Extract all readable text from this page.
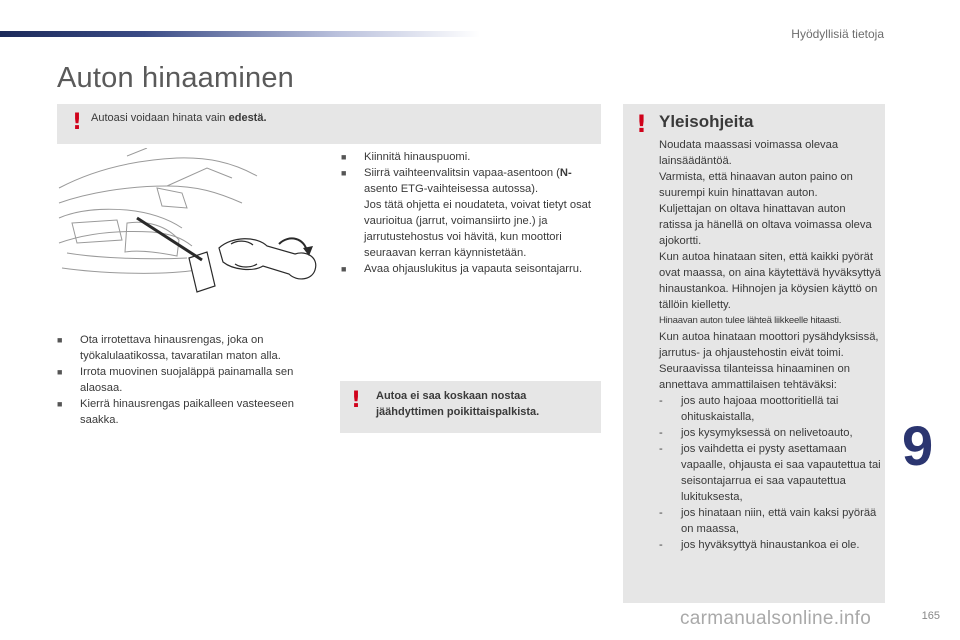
Hyödyllisiä tietoja
Auton hinaaminen
! Autoasi voidaan hinata vain edestä.
■ Kiinnitä hinauspuomi.
■ Siirrä vaihteenvalitsin vapaa-asentoon (N-asento ETG-vaihteisessa autossa).
Jos tätä ohjetta ei noudateta, voivat tietyt osat vaurioitua (jarrut, voimansiirto jne.) ja jarrutustehostus voi hävitä, kun moottori seuraavan kerran käynnistetään.
■ Avaa ohjauslukitus ja vapauta seisontajarru.
■ Ota irrotettava hinausrengas, joka on työkalulaatikossa, tavaratilan maton alla.
■ Irrota muovinen suojaläppä painamalla sen alaosaa.
■ Kierrä hinausrengas paikalleen vasteeseen saakka.
! Autoa ei saa koskaan nostaa jäähdyttimen poikittaispalkista.
! Yleisohjeita

Noudata maassasi voimassa olevaa lainsäädäntöä.

Varmista, että hinaavan auton paino on suurempi kuin hinattavan auton.

Kuljettajan on oltava hinattavan auton ratissa ja hänellä on oltava voimassa oleva ajokortti.

Kun autoa hinataan siten, että kaikki pyörät ovat maassa, on aina käytettävä hyväksyttyä hinaustankoa. Hihnojen ja köysien käyttö on tällöin kielletty.

Hinaavan auton tulee lähteä liikkeelle hitaasti.

Kun autoa hinataan moottori pysähdyksissä, jarrutus- ja ohjaustehostin eivät toimi.

Seuraavissa tilanteissa hinaaminen on annettava ammattilaisen tehtäväksi:

- jos auto hajoaa moottoritiellä tai ohituskaistalla,
- jos kysymyksessä on nelivetoauto,
- jos vaihdetta ei pysty asettamaan vapaalle, ohjausta ei saa vapautettua tai seisontajarrua ei saa vapautettua lukituksesta,
- jos hinataan niin, että vain kaksi pyörää on maassa,
- jos hyväksyttyä hinaustankoa ei ole.
9
165
carmanualsonline.info
